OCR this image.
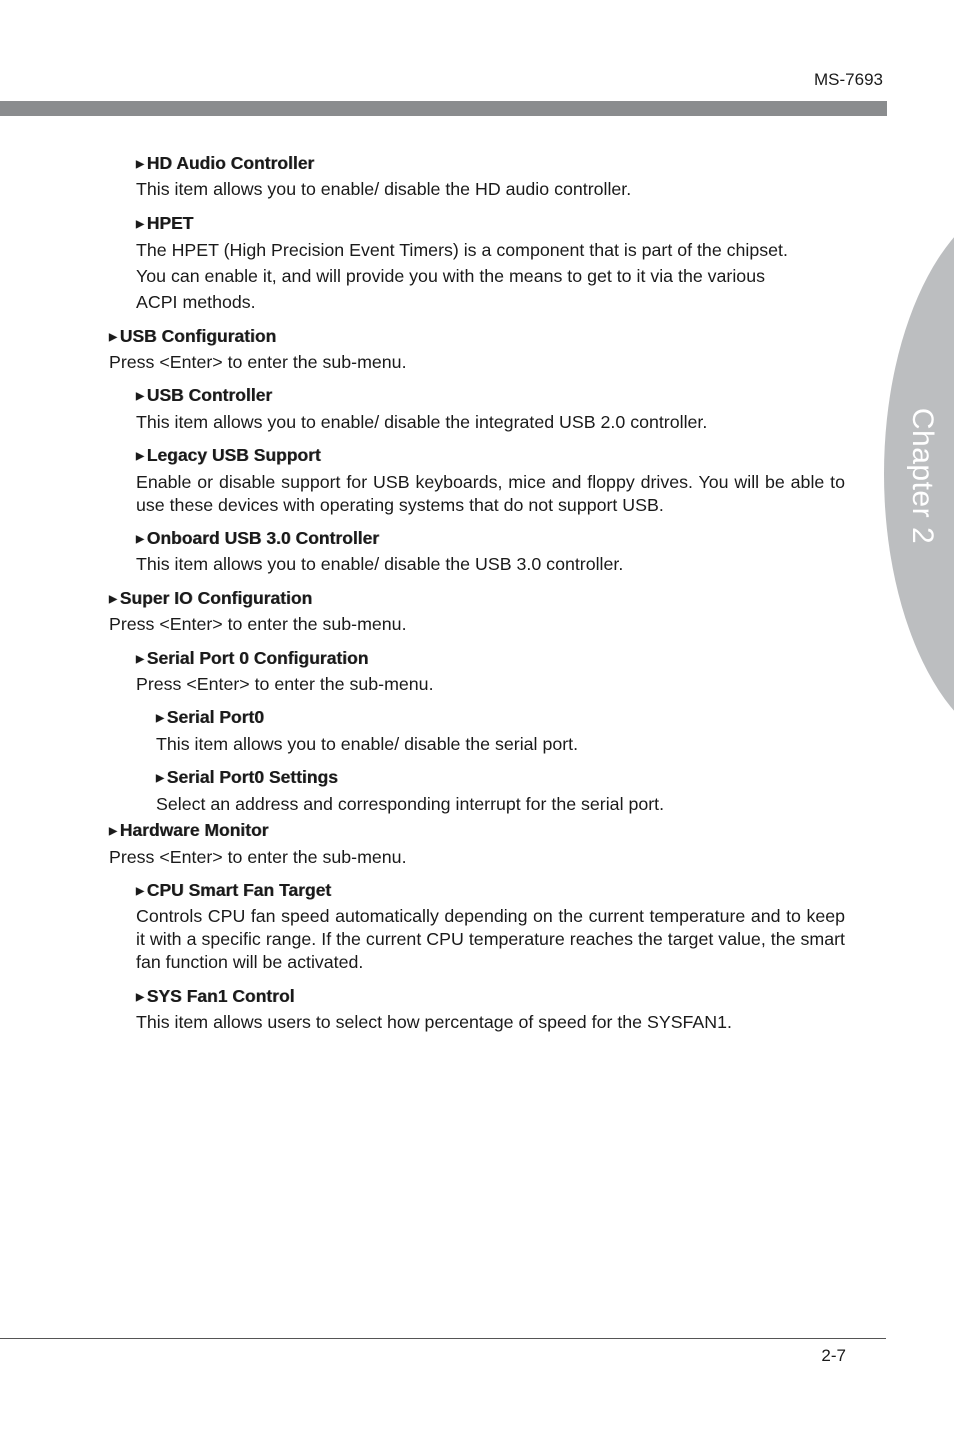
MS-7693
Chapter 2
▶ HD Audio Controller
This item allows you to enable/ disable the HD audio controller.
▶ HPET
The HPET (High Precision Event Timers) is a component that is part of the chipset.
You can enable it, and will provide you with the means to get to it via the various
ACPI methods.
▶ USB Configuration
Press <Enter> to enter the sub-menu.
▶ USB Controller
This item allows you to enable/ disable the integrated USB 2.0 controller.
▶ Legacy USB Support
Enable or disable support for USB keyboards, mice and floppy drives. You will be able to use these devices with operating systems that do not support USB.
▶ Onboard USB 3.0 Controller
This item allows you to enable/ disable the USB 3.0 controller.
▶ Super IO Configuration
Press <Enter> to enter the sub-menu.
▶ Serial Port 0 Configuration
Press <Enter> to enter the sub-menu.
▶ Serial Port0
This item allows you to enable/ disable the serial port.
▶ Serial Port0 Settings
Select an address and corresponding interrupt for the serial port.
▶ Hardware Monitor
Press <Enter> to enter the sub-menu.
▶ CPU Smart Fan Target
Controls CPU fan speed automatically depending on the current temperature and to keep it with a specific range. If the current CPU temperature reaches the target value, the smart fan function will be activated.
▶ SYS Fan1 Control
This item allows users to select how percentage of speed for the SYSFAN1.
2-7
